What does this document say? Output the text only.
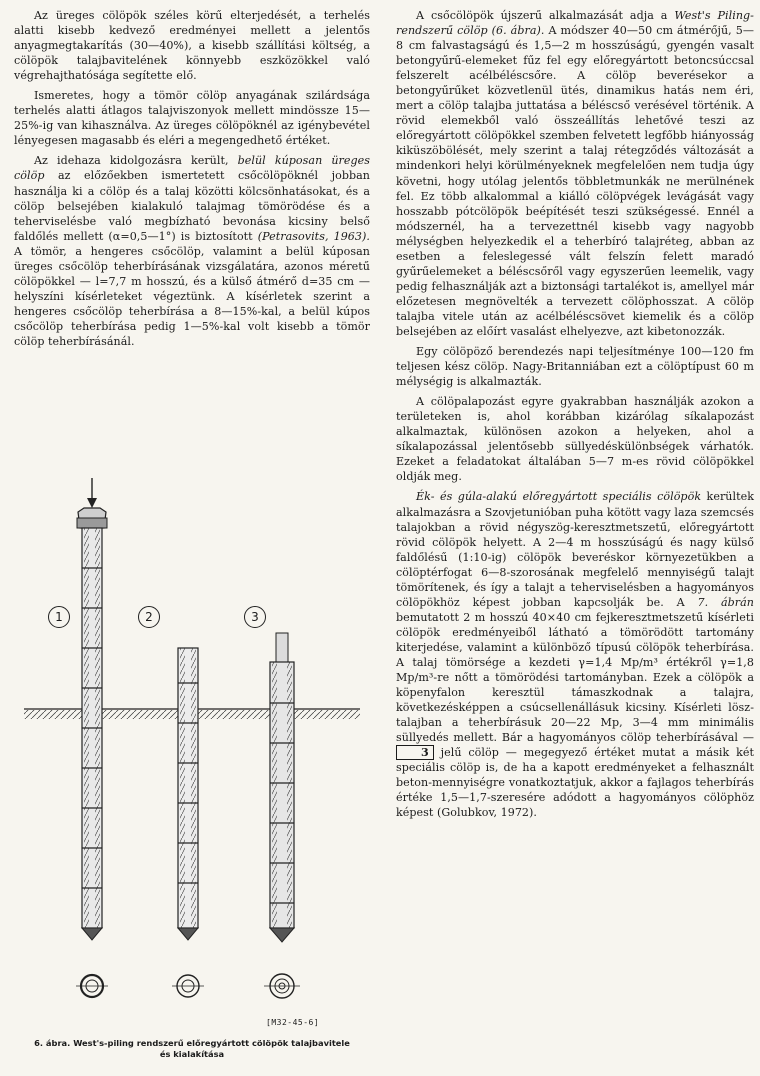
Az üreges cölöpök széles körű elterjedését, a terhelés alatti kisebb kedvező eredményei mellett a jelentős anyagmegtakarítás (30—40%), a kisebb szállítási költség, a cölöpök talajbavitelének könnyebb eszközökkel való végrehajthatósága segítette elő.

Ismeretes, hogy a tömör cölöp anyagának szilárdsága terhelés alatti átlagos talajviszonyok mellett mindössze 15—25%-ig van kihasználva. Az üreges cölöpöknél az igénybevétel lényegesen magasabb és eléri a megengedhető értéket.

Az idehaza kidolgozásra került, belül kúposan üreges cölöp az előzőekben ismertetett csőcölöpöknél jobban használja ki a cölöp és a talaj közötti kölcsönhatásokat, és a cölöp belsejében kialakuló talajmag tömörödése és a teherviselésbe való megbízható bevonása kicsiny belső faldőlés mellett (α=0,5—1°) is biztosított (Petrasovits, 1963). A tömör, a hengeres csőcölöp, valamint a belül kúposan üreges csőcölöp teherbírásának vizsgálatára, azonos méretű cölöpökkel — l=7,7 m hosszú, és a külső átmérő d=35 cm — helyszíni kísérleteket végeztünk. A kísérletek szerint a hengeres csőcölöp teherbírása a 8—15%-kal, a belül kúpos csőcölöp teherbírása pedig 1—5%-kal volt kisebb a tömör cölöp teherbírásánál.

1	2	3
[M32-45-6]
6. ábra. West's-piling rendszerű előregyártott cölöpök talajbavitele
és kialakítása

A csőcölöpök újszerű alkalmazását adja a West's Piling-rendszerű cölöp (6. ábra). A módszer 40—50 cm átmérőjű, 5—8 cm falvastagságú és 1,5—2 m hosszúságú, gyengén vasalt betongyűrű-elemeket fűz fel egy előregyártott betoncsúccsal felszerelt acélbéléscsőre. A cölöp beverésekor a betongyűrűket közvetlenül ütés, dinamikus hatás nem éri, mert a cölöp talajba juttatása a béléscső verésével történik. A rövid elemekből való összeállítás lehetővé teszi az előregyártott cölöpökkel szemben felvetett legfőbb hiányosság kiküszöbölését, mely szerint a talaj rétegződés változását a mindenkori helyi körülményeknek megfelelően nem tudja úgy követni, hogy utólag jelentős többletmunkák ne merülnének fel. Ez több alkalommal a kiálló cölöpvégek levágását vagy hosszabb pótcölöpök beépítését teszi szükségessé. Ennél a módszernél, ha a tervezettnél kisebb vagy nagyobb mélységben helyezkedik el a teherbíró talajréteg, abban az esetben a feleslegessé vált felszín felett maradó gyűrűelemeket a béléscsőről vagy egyszerűen leemelik, vagy pedig felhasználják azt a biztonsági tartalékot is, amellyel már előzetesen megnövelték a tervezett cölöphosszat. A cölöp talajba vitele után az acélbéléscsövet kiemelik és a cölöp belsejében az előírt vasalást elhelyezve, azt kibetonozzák.

Egy cölöpöző berendezés napi teljesítménye 100—120 fm teljesen kész cölöp. Nagy-Britanniában ezt a cölöptípust 60 m mélységig is alkalmazták.

A cölöpalapozást egyre gyakrabban használják azokon a területeken is, ahol korábban kizárólag síkalapozást alkalmaztak, különösen azokon a helyeken, ahol a síkalapozással jelentősebb süllyedéskülönbségek várhatók. Ezeket a feladatokat általában 5—7 m-es rövid cölöpökkel oldják meg.

Ék- és gúla-alakú előregyártott speciális cölöpök kerültek alkalmazásra a Szovjetunióban puha kötött vagy laza szemcsés talajokban a rövid négyszög-keresztmetszetű, előregyártott rövid cölöpök helyett. A 2—4 m hosszúságú és nagy külső faldőlésű (1:10-ig) cölöpök beveréskor környezetükben a cölöptérfogat 6—8-szorosának megfelelő mennyiségű talajt tömörítenek, és így a talajt a teherviselésben a hagyományos cölöpökhöz képest jobban kapcsolják be. A 7. ábrán bemutatott 2 m hosszú 40×40 cm fejkeresztmetszetű kísérleti cölöpök eredményeiből látható a tömörödött tartomány kiterjedése, valamint a különböző típusú cölöpök teherbírása. A talaj tömörsége a kezdeti γ=1,4 Mp/m³ értékről γ=1,8 Mp/m³-re nőtt a tömörödési tartományban. Ezek a cölöpök a köpenyfalon keresztül támaszkodnak a talajra, következésképpen a csúcsellenállásuk kicsiny. Kísérleti lösz-talajban a teherbírásuk 20—22 Mp, 3—4 mm minimális süllyedés mellett. Bár a hagyományos cölöp teherbírásával — 3 jelű cölöp — megegyező értéket mutat a másik két speciális cölöp is, de ha a kapott eredményeket a felhasznált beton-mennyiségre vonatkoztatjuk, akkor a fajlagos teherbírás értéke 1,5—1,7-szeresére adódott a hagyományos cölöphöz képest (Golubkov, 1972).
